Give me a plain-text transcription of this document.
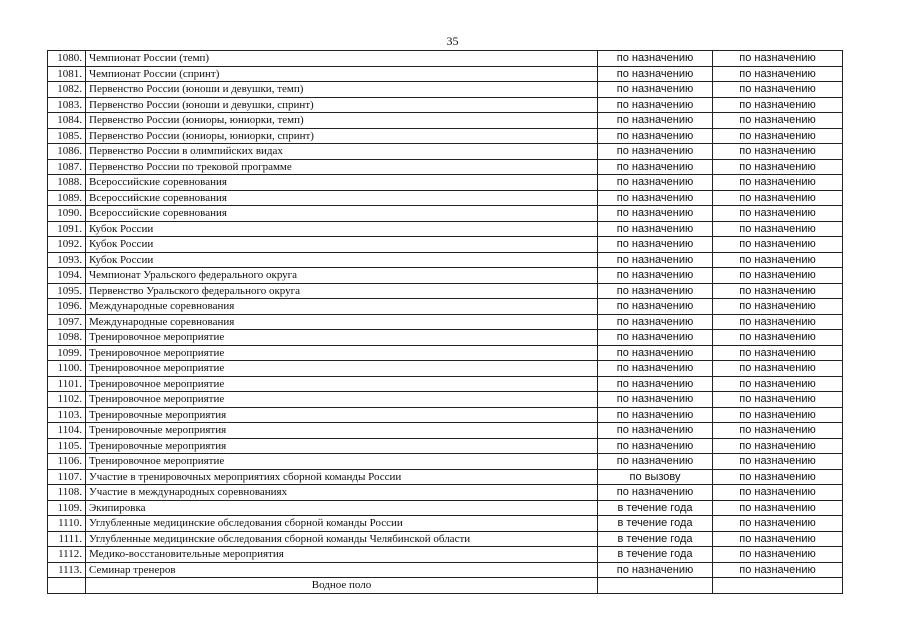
35
1080.	Чемпионат России (темп)	по назначению	по назначению
1081.	Чемпионат России (спринт)	по назначению	по назначению
1082.	Первенство России (юноши и девушки, темп)	по назначению	по назначению
1083.	Первенство России (юноши и девушки, спринт)	по назначению	по назначению
1084.	Первенство России (юниоры, юниорки, темп)	по назначению	по назначению
1085.	Первенство России (юниоры, юниорки, спринт)	по назначению	по назначению
1086.	Первенство России в олимпийских видах	по назначению	по назначению
1087.	Первенство России по трековой программе	по назначению	по назначению
1088.	Всероссийские соревнования	по назначению	по назначению
1089.	Всероссийские соревнования	по назначению	по назначению
1090.	Всероссийские соревнования	по назначению	по назначению
1091.	Кубок России	по назначению	по назначению
1092.	Кубок России	по назначению	по назначению
1093.	Кубок России	по назначению	по назначению
1094.	Чемпионат Уральского федерального округа	по назначению	по назначению
1095.	Первенство Уральского федерального округа	по назначению	по назначению
1096.	Международные соревнования	по назначению	по назначению
1097.	Международные соревнования	по назначению	по назначению
1098.	Тренировочное мероприятие	по назначению	по назначению
1099.	Тренировочное мероприятие	по назначению	по назначению
1100.	Тренировочное мероприятие	по назначению	по назначению
1101.	Тренировочное мероприятие	по назначению	по назначению
1102.	Тренировочное мероприятие	по назначению	по назначению
1103.	Тренировочные мероприятия	по назначению	по назначению
1104.	Тренировочные мероприятия	по назначению	по назначению
1105.	Тренировочные мероприятия	по назначению	по назначению
1106.	Тренировочное мероприятие	по назначению	по назначению
1107.	Участие в тренировочных мероприятиях сборной команды России	по вызову	по назначению
1108.	Участие в международных соревнованиях	по назначению	по назначению
1109.	Экипировка	в течение года	по назначению
1110.	Углубленные медицинские обследования сборной команды России	в течение года	по назначению
1111.	Углубленные медицинские обследования сборной команды Челябинской области	в течение года	по назначению
1112.	Медико-восстановительные мероприятия	в течение года	по назначению
1113.	Семинар тренеров	по назначению	по назначению
	Водное поло		
